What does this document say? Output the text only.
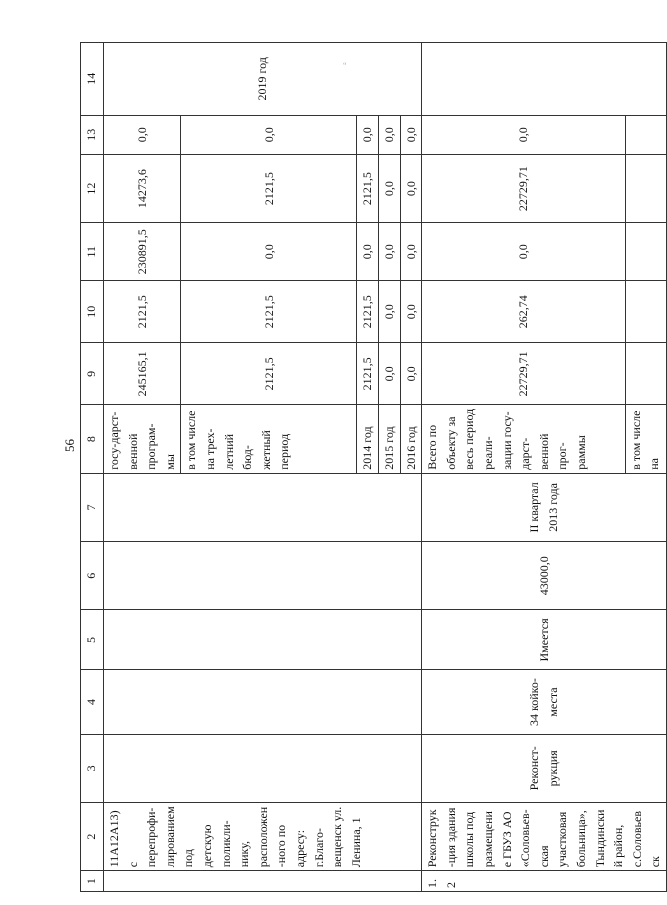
56
“
1	2	3	4	5	6	7	8	9	10	11	12	13	14
	11А12А13) с перепрофи-лированием под детскую поликли-нику, расположен-ного по адресу: г.Благо-вещенск ул. Ленина, 1						госу-дарст-венной програм-мы	245165,1	2121,5	230891,5	14273,6	0,0	2019 год
							в том числе на трех-летний бюд-жетный период	2121,5	2121,5	0,0	2121,5	0,0	
							2014 год	2121,5	2121,5	0,0	2121,5	0,0	
							2015 год	0,0	0,0	0,0	0,0	0,0	
							2016 год	0,0	0,0	0,0	0,0	0,0	
1.2	Реконструк-ция здания школы под размещение ГБУЗ АО «Соловьев-ская участковая больница», Тындинский район, с.Соловьевск	Реконст-рукция	34 койко-места	Имеется	43000,0	II квартал 2013 года	Всего по объекту за весь период реали-зации госу-дарст-венной прог-раммы	22729,71	262,74	0,0	22729,71	0,0	
							в том числе на						
